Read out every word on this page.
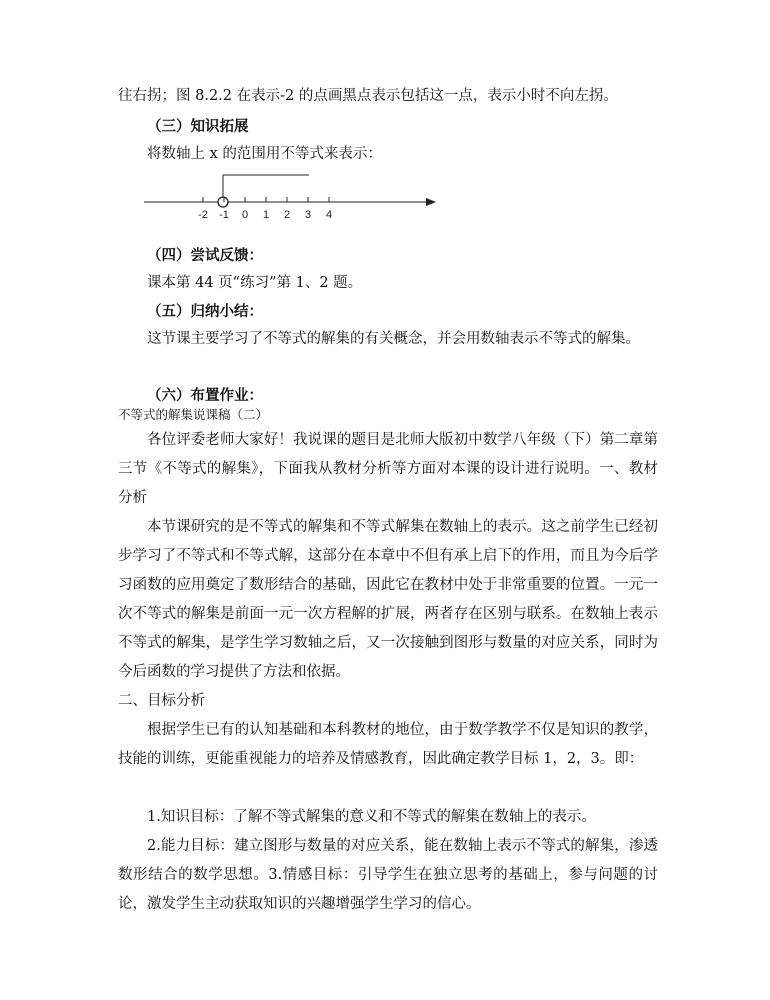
往右拐；图 8.2.2 在表示-2 的点画黑点表示包括这一点，表示小时不向左拐。

（三）知识拓展

将数轴上 x 的范围用不等式来表示：

-2 -1 0 1 2 3 4
（四）尝试反馈：

课本第 44 页“练习”第 1、2 题。

（五）归纳小结：

这节课主要学习了不等式的解集的有关概念，并会用数轴表示不等式的解集。

（六）布置作业：
不等式的解集说课稿（二）

各位评委老师大家好！我说课的题目是北师大版初中数学八年级（下）第二章第三节《不等式的解集》，下面我从教材分析等方面对本课的设计进行说明。一、教材分析

本节课研究的是不等式的解集和不等式解集在数轴上的表示。这之前学生已经初步学习了不等式和不等式解，这部分在本章中不但有承上启下的作用，而且为今后学习函数的应用奠定了数形结合的基础，因此它在教材中处于非常重要的位置。一元一次不等式的解集是前面一元一次方程解的扩展，两者存在区别与联系。在数轴上表示不等式的解集，是学生学习数轴之后，又一次接触到图形与数量的对应关系，同时为今后函数的学习提供了方法和依据。

二、目标分析

根据学生已有的认知基础和本科教材的地位，由于数学教学不仅是知识的教学，技能的训练，更能重视能力的培养及情感教育，因此确定教学目标 1，2，3。即：

1.知识目标：了解不等式解集的意义和不等式的解集在数轴上的表示。

2.能力目标：建立图形与数量的对应关系，能在数轴上表示不等式的解集，渗透数形结合的数学思想。3.情感目标：引导学生在独立思考的基础上，参与问题的讨论，激发学生主动获取知识的兴趣增强学生学习的信心。
